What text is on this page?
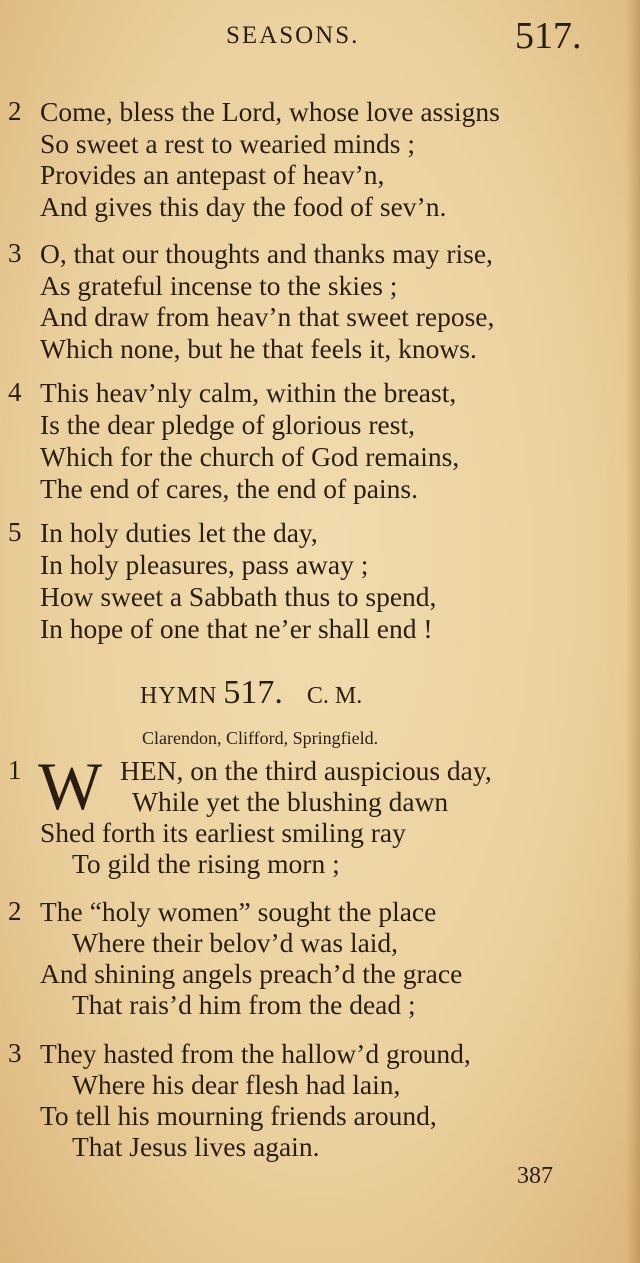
SEASONS.	517.
2 Come, bless the Lord, whose love assigns
So sweet a rest to wearied minds ;
Provides an antepast of heav’n,
And gives this day the food of sev’n.
3 O, that our thoughts and thanks may rise,
As grateful incense to the skies ;
And draw from heav’n that sweet repose,
Which none, but he that feels it, knows.
4 This heav’nly calm, within the breast,
Is the dear pledge of glorious rest,
Which for the church of God remains,
The end of cares, the end of pains.
5 In holy duties let the day,
In holy pleasures, pass away ;
How sweet a Sabbath thus to spend,
In hope of one that ne’er shall end !
HYMN 517. C. M.
Clarendon, Clifford, Springfield.
1 W HEN, on the third auspicious day,
While yet the blushing dawn
Shed forth its earliest smiling ray
To gild the rising morn ;
2 The “holy women” sought the place
Where their belov’d was laid,
And shining angels preach’d the grace
That rais’d him from the dead ;
3 They hasted from the hallow’d ground,
Where his dear flesh had lain,
To tell his mourning friends around,
That Jesus lives again.
387
